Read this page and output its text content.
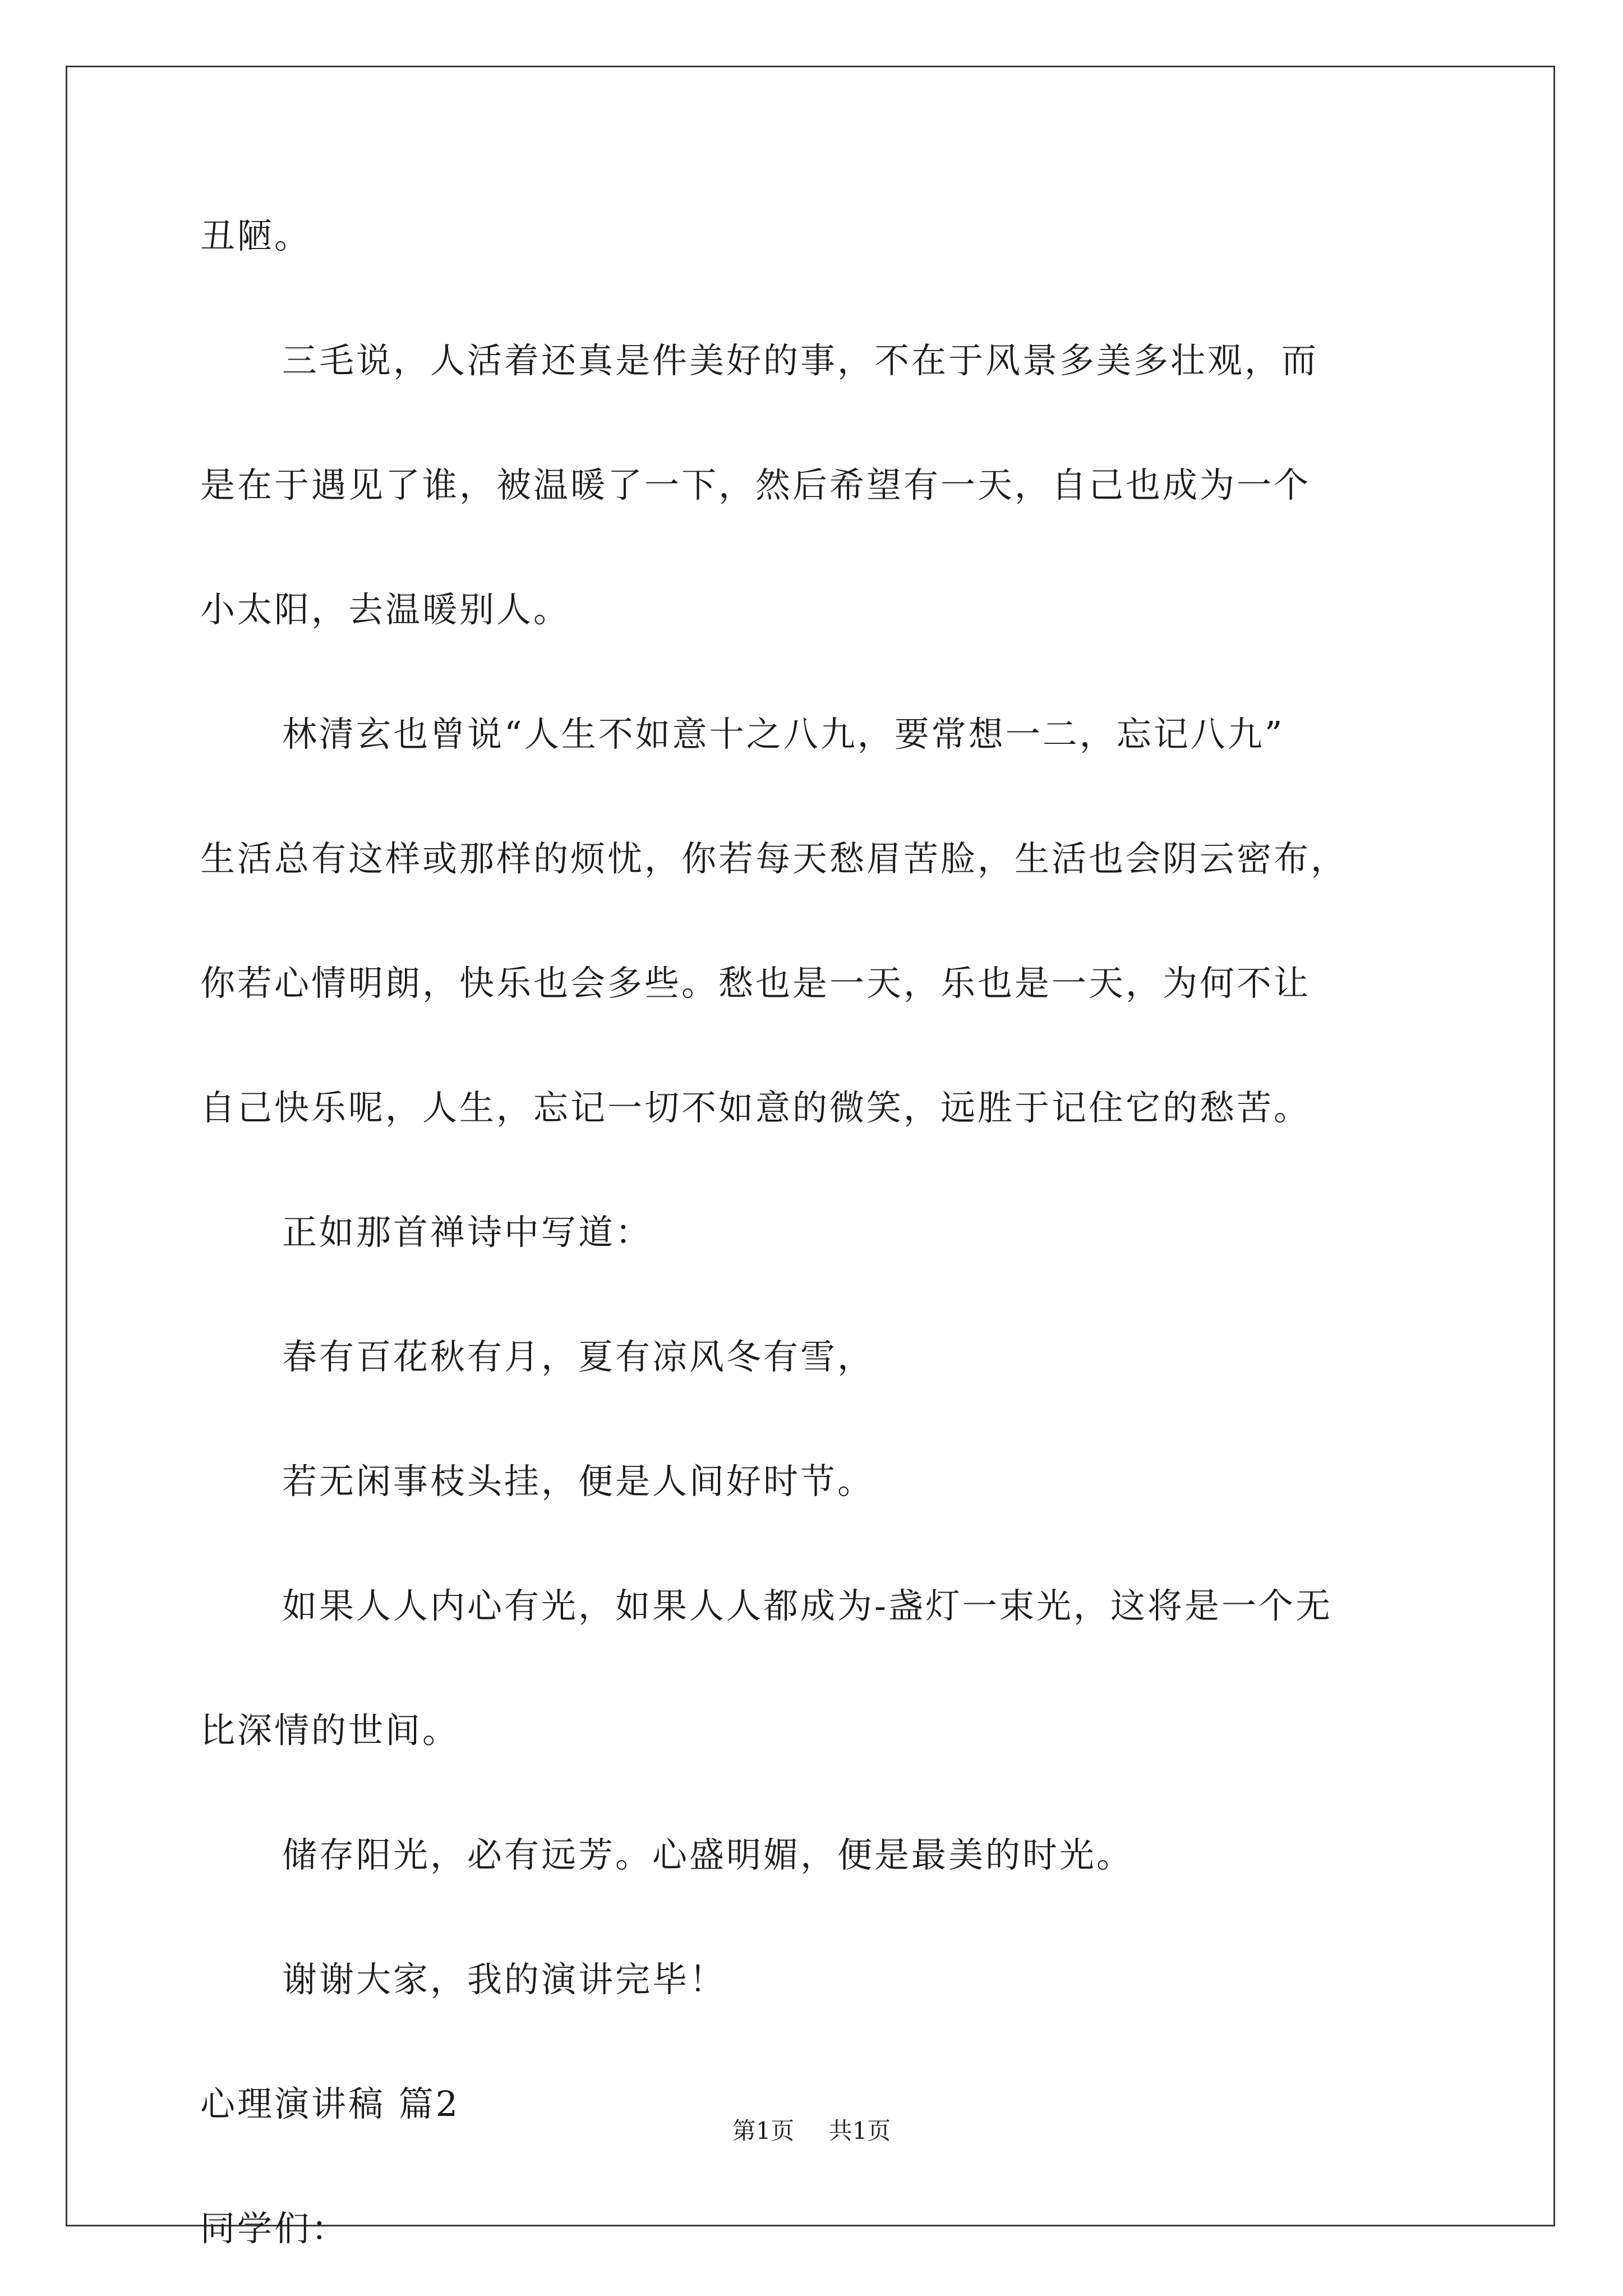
丑陋。
三毛说，人活着还真是件美好的事，不在于风景多美多壮观，而
是在于遇见了谁，被温暖了一下，然后希望有一天，自己也成为一个
小太阳，去温暖别人。
林清玄也曾说“人生不如意十之八九，要常想一二，忘记八九”
生活总有这样或那样的烦忧，你若每天愁眉苦脸，生活也会阴云密布，
你若心情明朗，快乐也会多些。愁也是一天，乐也是一天，为何不让
自己快乐呢，人生，忘记一切不如意的微笑，远胜于记住它的愁苦。
正如那首禅诗中写道：
春有百花秋有月，夏有凉风冬有雪，
若无闲事枝头挂，便是人间好时节。
如果人人内心有光，如果人人都成为-盏灯一束光，这将是一个无
比深情的世间。
储存阳光，必有远芳。心盛明媚，便是最美的时光。
谢谢大家，我的演讲完毕！
心理演讲稿 篇2
同学们：
第1页 共1页
